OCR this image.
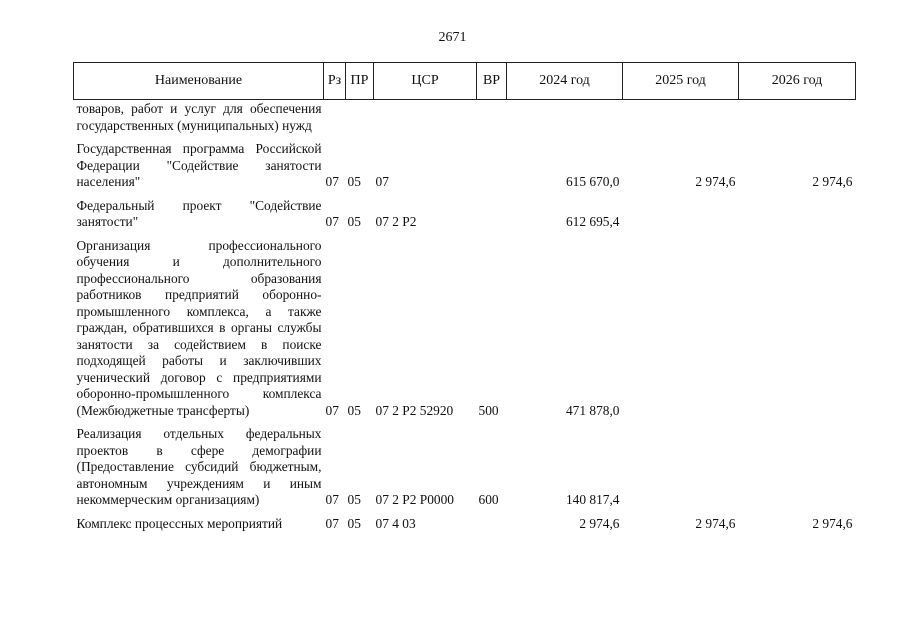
2671
Наименование	Рз	ПР	ЦСР	ВР	2024 год	2025 год	2026 год
товаров, работ и услуг для обеспечения государственных (муниципальных) нужд							
Государственная программа Российской Федерации "Содействие занятости населения"	07	05	07		615 670,0	2 974,6	2 974,6
Федеральный проект "Содействие занятости"	07	05	07 2 Р2		612 695,4		
Организация профессионального обучения и дополнительного профессионального образования работников предприятий оборонно-промышленного комплекса, а также граждан, обратившихся в органы службы занятости за содействием в поиске подходящей работы и заключивших ученический договор с предприятиями оборонно-промышленного комплекса (Межбюджетные трансферты)	07	05	07 2 Р2 52920	500	471 878,0		
Реализация отдельных федеральных проектов в сфере демографии (Предоставление субсидий бюджетным, автономным учреждениям и иным некоммерческим организациям)	07	05	07 2 Р2 Р0000	600	140 817,4		
Комплекс процессных мероприятий	07	05	07 4 03		2 974,6	2 974,6	2 974,6
